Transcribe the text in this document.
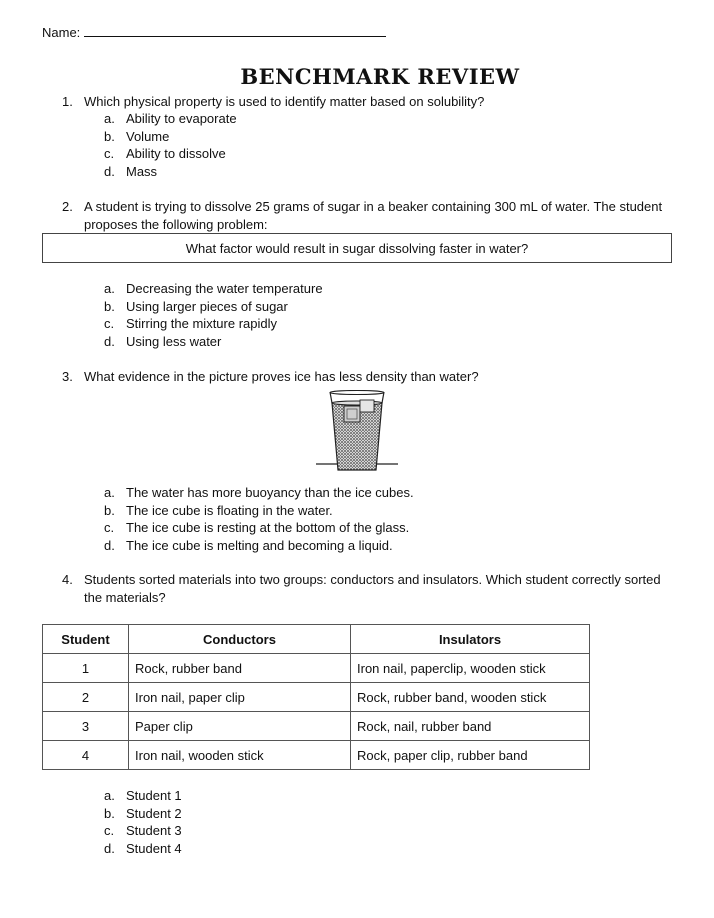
Name:
BENCHMARK REVIEW
1. Which physical property is used to identify matter based on solubility?
a. Ability to evaporate
b. Volume
c. Ability to dissolve
d. Mass
2. A student is trying to dissolve 25 grams of sugar in a beaker containing 300 mL of water. The student proposes the following problem:
What factor would result in sugar dissolving faster in water?
a. Decreasing the water temperature
b. Using larger pieces of sugar
c. Stirring the mixture rapidly
d. Using less water
3. What evidence in the picture proves ice has less density than water?
a. The water has more buoyancy than the ice cubes.
b. The ice cube is floating in the water.
c. The ice cube is resting at the bottom of the glass.
d. The ice cube is melting and becoming a liquid.
4. Students sorted materials into two groups: conductors and insulators. Which student correctly sorted the materials?
Student	Conductors	Insulators
1	Rock, rubber band	Iron nail, paperclip, wooden stick
2	Iron nail, paper clip	Rock, rubber band, wooden stick
3	Paper clip	Rock, nail, rubber band
4	Iron nail, wooden stick	Rock, paper clip, rubber band
a. Student 1
b. Student 2
c. Student 3
d. Student 4
